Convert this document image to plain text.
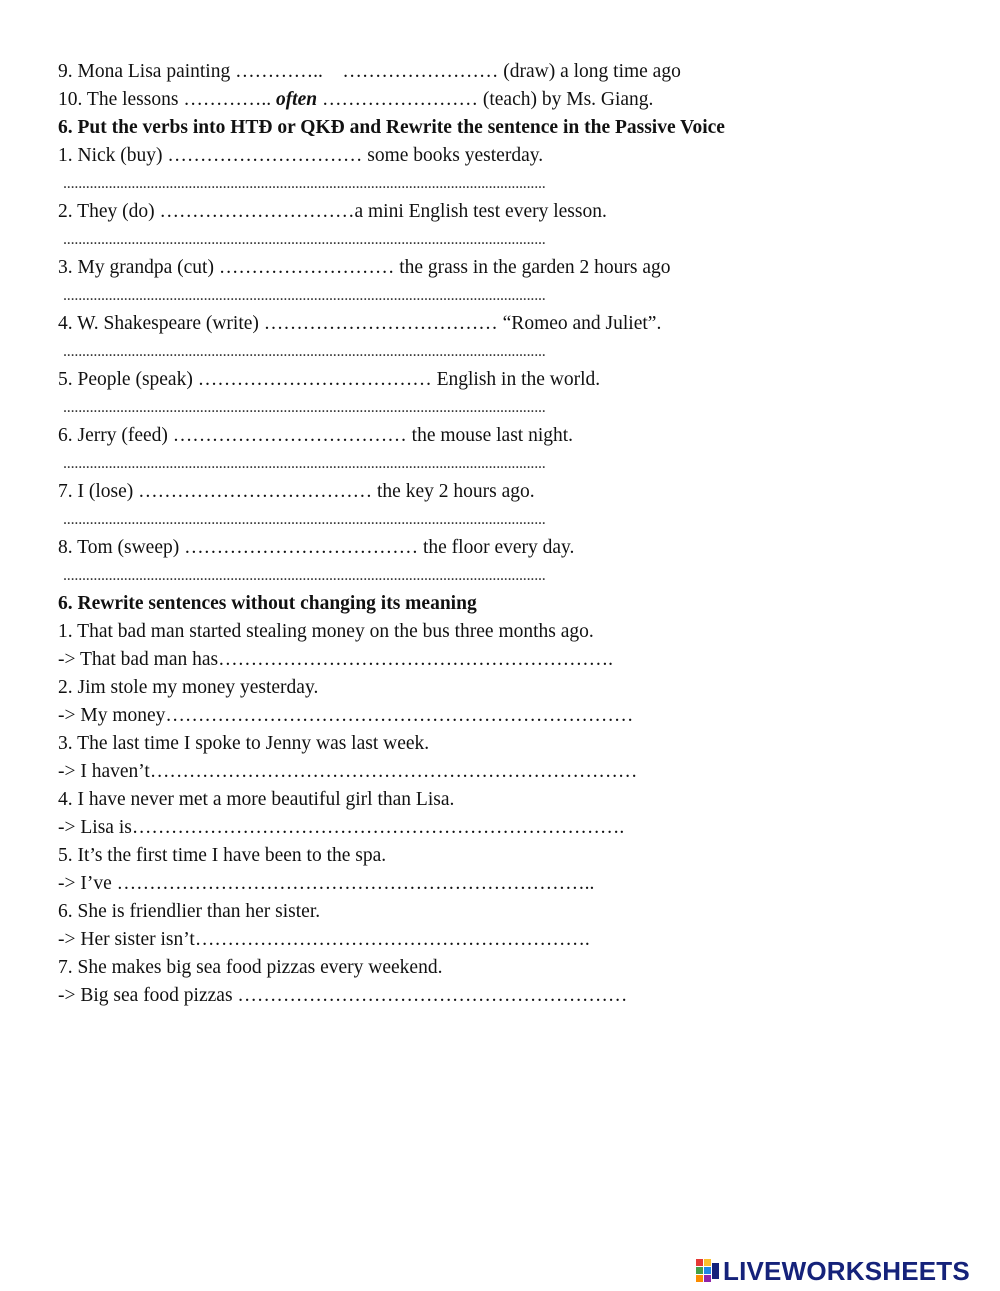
9. Mona Lisa painting ………….. …………………… (draw) a long time ago
10. The lessons ………….. often …………………… (teach) by Ms. Giang.
6. Put the verbs into HTĐ or QKĐ and Rewrite the sentence in the Passive Voice
1. Nick (buy) ………………………… some books yesterday.
...............................................................................................................................
2. They (do) …………………………a mini English test every lesson.
...............................................................................................................................
3. My grandpa (cut) ……………………… the grass in the garden 2 hours ago
...............................................................................................................................
4. W. Shakespeare (write) ……………………………… “Romeo and Juliet”.
...............................................................................................................................
5. People (speak) ……………………………… English in the world.
...............................................................................................................................
6. Jerry (feed) ……………………………… the mouse last night.
...............................................................................................................................
7. I (lose) ……………………………… the key 2 hours ago.
...............................................................................................................................
8. Tom (sweep) ……………………………… the floor every day.
...............................................................................................................................
6. Rewrite sentences without changing its meaning
1. That bad man started stealing money on the bus three months ago.
-> That bad man has…………………………………………………….
2. Jim stole my money yesterday.
-> My money………………………………………………………………
3. The last time I spoke to Jenny was last week.
-> I haven’t…………………………………………………………………
4. I have never met a more beautiful girl than Lisa.
-> Lisa is………………………………………………………………….
5. It’s the first time I have been to the spa.
-> I’ve ………………………………………………………………..
6. She is friendlier than her sister.
-> Her sister isn’t…………………………………………………….
7. She makes big sea food pizzas every weekend.
-> Big sea food pizzas ……………………………………………………
LIVEWORKSHEETS
